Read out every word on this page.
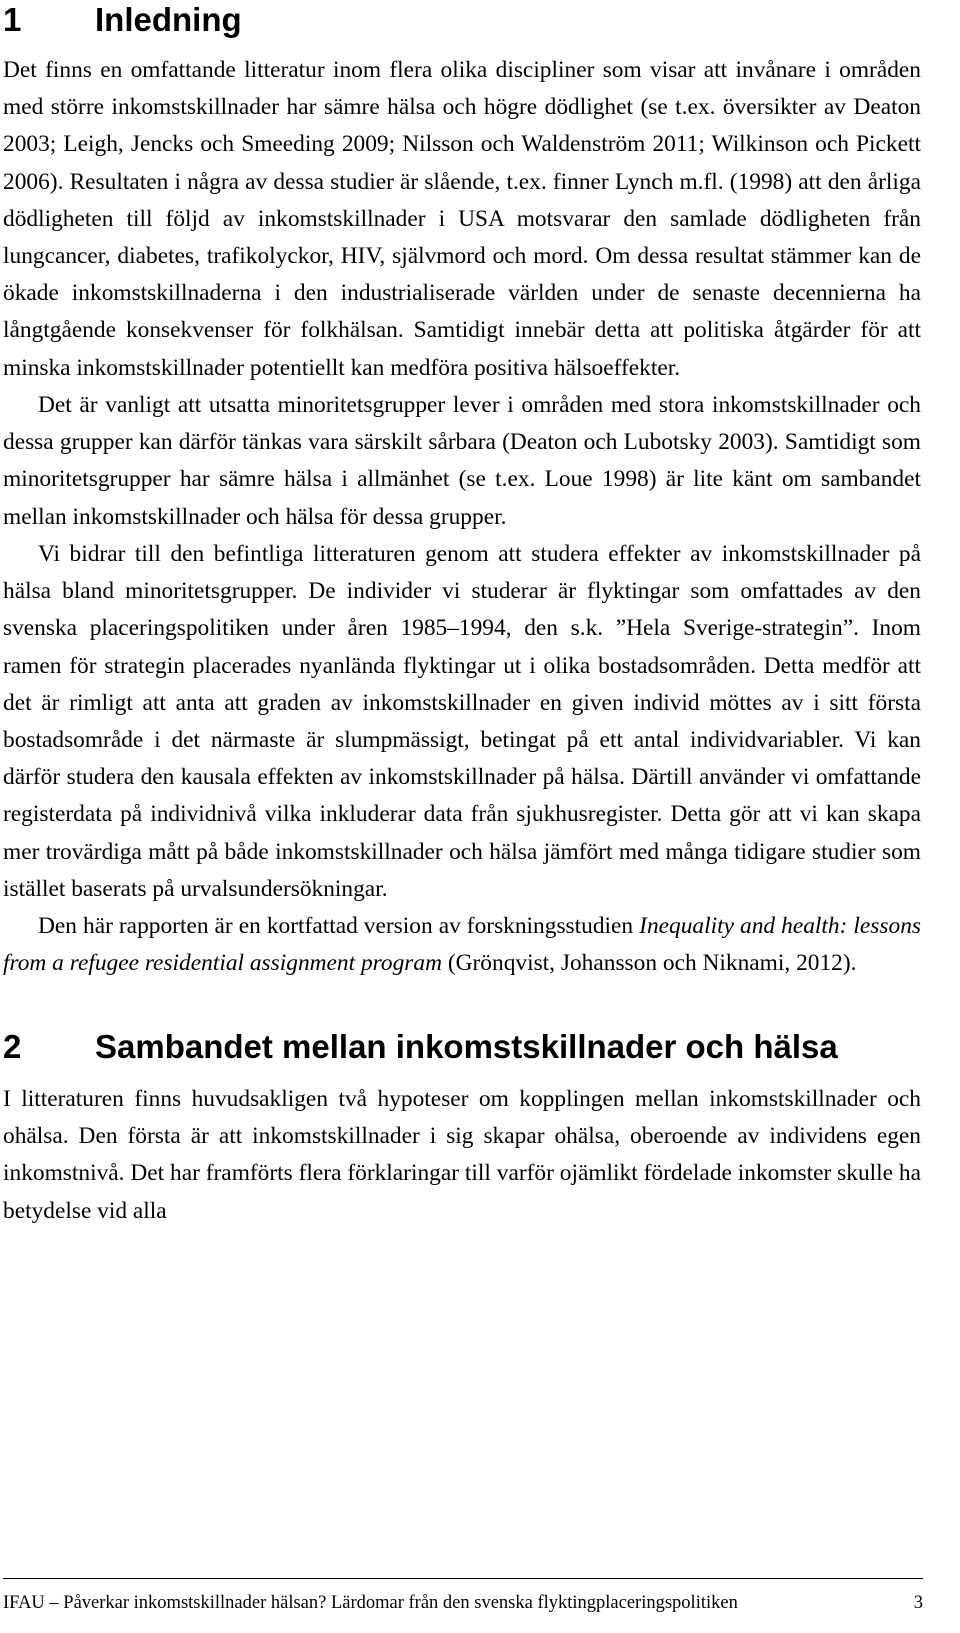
1	Inledning

Det finns en omfattande litteratur inom flera olika discipliner som visar att invånare i områden med större inkomstskillnader har sämre hälsa och högre dödlighet (se t.ex. översikter av Deaton 2003; Leigh, Jencks och Smeeding 2009; Nilsson och Waldenström 2011; Wilkinson och Pickett 2006). Resultaten i några av dessa studier är slående, t.ex. finner Lynch m.fl. (1998) att den årliga dödligheten till följd av inkomstskillnader i USA motsvarar den samlade dödligheten från lungcancer, diabetes, trafikolyckor, HIV, självmord och mord. Om dessa resultat stämmer kan de ökade inkomstskillnaderna i den industrialiserade världen under de senaste decennierna ha långtgående konsekvenser för folkhälsan. Samtidigt innebär detta att politiska åtgärder för att minska inkomstskillnader potentiellt kan medföra positiva hälsoeffekter.

Det är vanligt att utsatta minoritetsgrupper lever i områden med stora inkomstskillnader och dessa grupper kan därför tänkas vara särskilt sårbara (Deaton och Lubotsky 2003). Samtidigt som minoritetsgrupper har sämre hälsa i allmänhet (se t.ex. Loue 1998) är lite känt om sambandet mellan inkomstskillnader och hälsa för dessa grupper.

Vi bidrar till den befintliga litteraturen genom att studera effekter av inkomstskillnader på hälsa bland minoritetsgrupper. De individer vi studerar är flyktingar som omfattades av den svenska placeringspolitiken under åren 1985–1994, den s.k. ”Hela Sverige-strategin”. Inom ramen för strategin placerades nyanlända flyktingar ut i olika bostadsområden. Detta medför att det är rimligt att anta att graden av inkomstskillnader en given individ möttes av i sitt första bostadsområde i det närmaste är slumpmässigt, betingat på ett antal individvariabler. Vi kan därför studera den kausala effekten av inkomstskillnader på hälsa. Därtill använder vi omfattande registerdata på individnivå vilka inkluderar data från sjukhusregister. Detta gör att vi kan skapa mer trovärdiga mått på både inkomstskillnader och hälsa jämfört med många tidigare studier som istället baserats på urvalsundersökningar.

Den här rapporten är en kortfattad version av forskningsstudien Inequality and health: lessons from a refugee residential assignment program (Grönqvist, Johansson och Niknami, 2012).

2	Sambandet mellan inkomstskillnader och hälsa

I litteraturen finns huvudsakligen två hypoteser om kopplingen mellan inkomstskillnader och ohälsa. Den första är att inkomstskillnader i sig skapar ohälsa, oberoende av individens egen inkomstnivå. Det har framförts flera förklaringar till varför ojämlikt fördelade inkomster skulle ha betydelse vid alla

IFAU – Påverkar inkomstskillnader hälsan? Lärdomar från den svenska flyktingplaceringspolitiken	3
